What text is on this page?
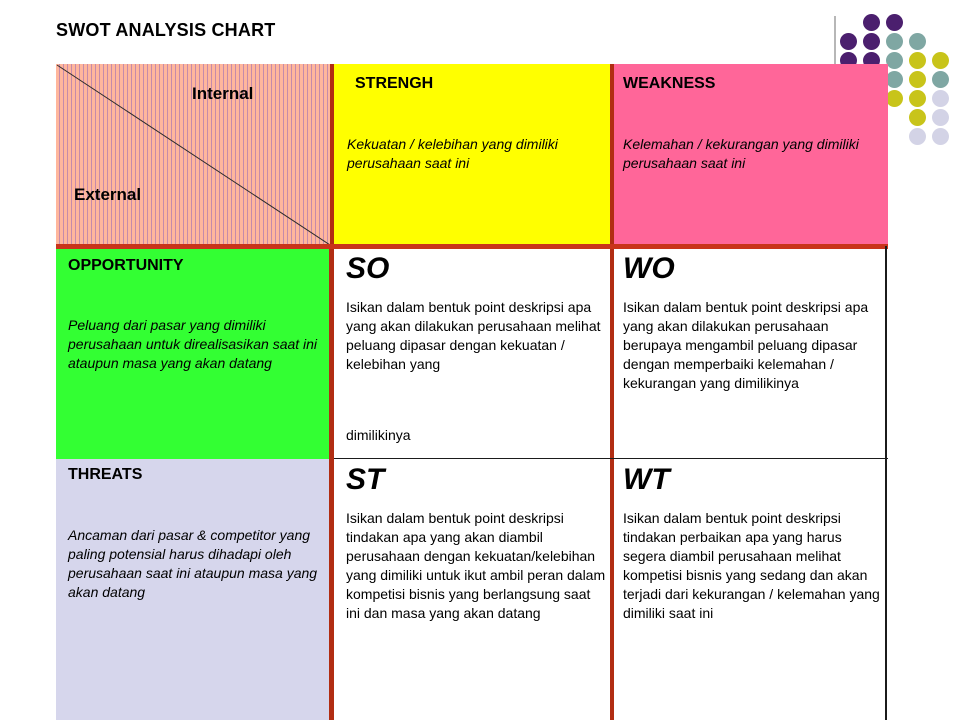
SWOT ANALYSIS CHART
Internal
External
STRENGH
Kekuatan / kelebihan yang dimiliki perusahaan saat ini
WEAKNESS
Kelemahan / kekurangan yang dimiliki perusahaan saat ini
OPPORTUNITY
Peluang dari pasar yang dimiliki perusahaan untuk direalisasikan saat ini ataupun masa yang akan datang
SO
Isikan dalam bentuk point deskripsi apa yang akan dilakukan perusahaan melihat peluang dipasar dengan kekuatan / kelebihan yang
dimilikinya
WO
Isikan dalam bentuk point deskripsi apa yang akan dilakukan perusahaan berupaya mengambil peluang dipasar dengan memperbaiki kelemahan / kekurangan yang dimilikinya
THREATS
Ancaman dari pasar & competitor yang paling potensial harus dihadapi oleh perusahaan saat ini ataupun masa yang akan datang
ST
Isikan dalam bentuk point deskripsi tindakan apa yang akan diambil perusahaan dengan kekuatan/kelebihan yang dimiliki untuk ikut ambil peran dalam kompetisi bisnis yang berlangsung saat ini dan masa yang akan datang
WT
Isikan dalam bentuk point deskripsi tindakan perbaikan apa yang harus segera diambil perusahaan melihat kompetisi bisnis yang sedang dan akan terjadi dari kekurangan / kelemahan yang dimiliki saat ini
